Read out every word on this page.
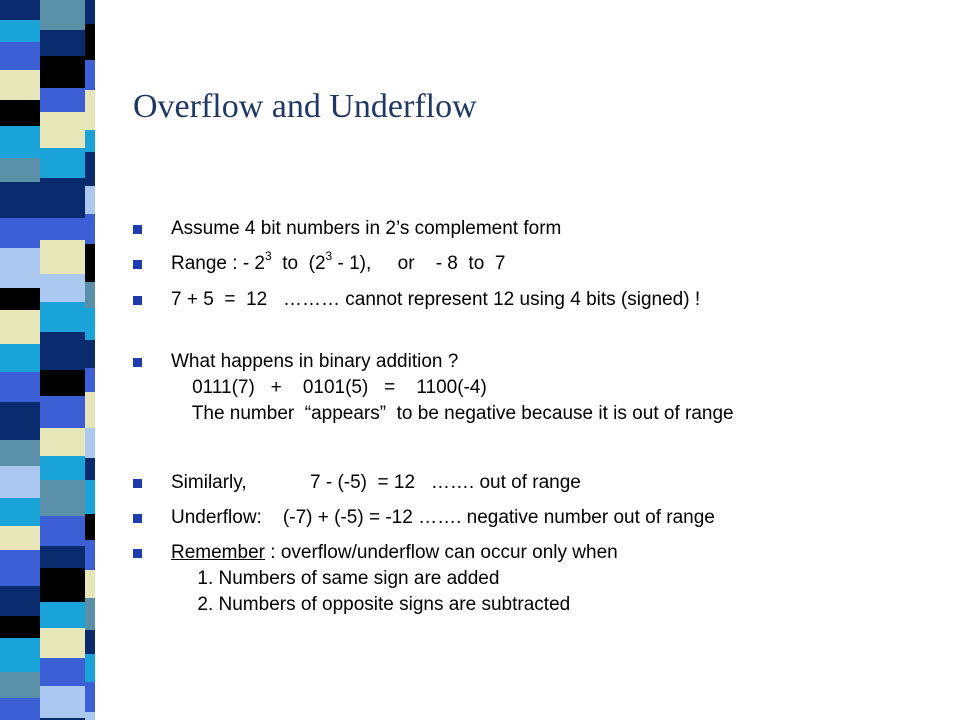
Overflow and Underflow
Assume 4 bit numbers in 2’s complement form
Range : - $2^3$  to  $(2^3 - 1)$,     or    - 8  to  7
7 + 5  =  12   ……… cannot represent 12 using 4 bits (signed) !
What happens in binary addition ?
0111(7)   +    0101(5)   =    1100(-4)
The number  “appears”  to be negative because it is out of range
Similarly,            7 - (-5)  = 12   ……. out of range
Underflow:    (-7) + (-5) = -12 ……. negative number out of range
Remember : overflow/underflow can occur only when
1. Numbers of same sign are added
2. Numbers of opposite signs are subtracted
